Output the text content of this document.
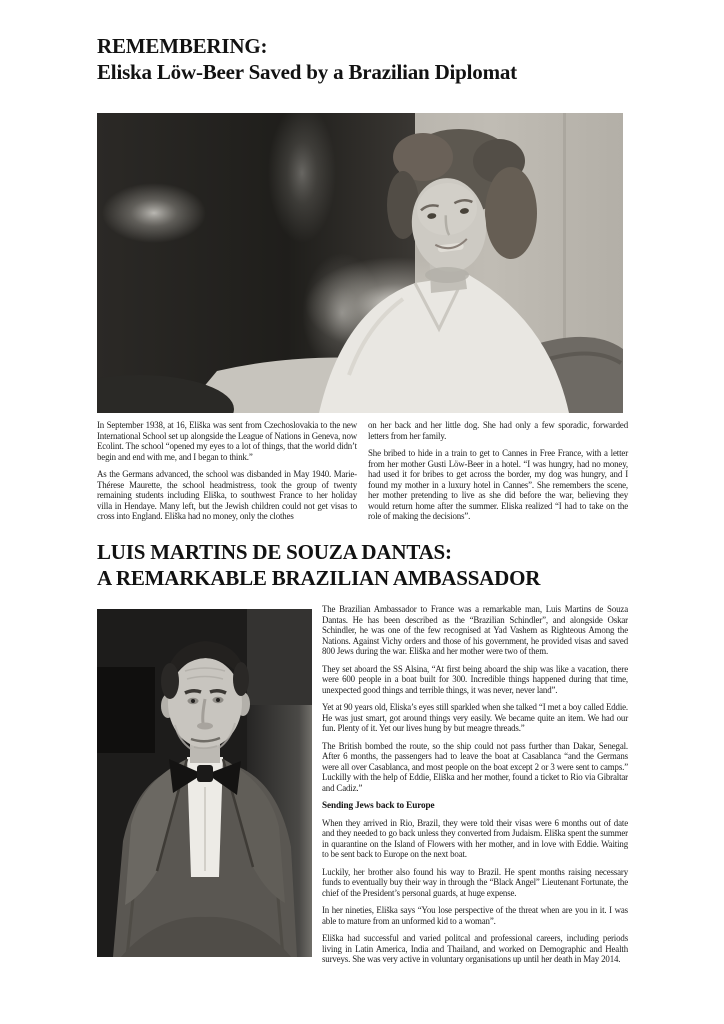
REMEMBERING:
Eliska Löw-Beer Saved by a Brazilian Diplomat

In September 1938, at 16, Eliška was sent from Czechoslovakia to the new International School set up alongside the League of Nations in Geneva, now Ecolint. The school “opened my eyes to a lot of things, that the world didn’t begin and end with me, and I began to think.”

As the Germans advanced, the school was disbanded in May 1940. Marie-Thérese Maurette, the school headmistress, took the group of twenty remaining students including Eliška, to southwest France to her holiday villa in Hendaye. Many left, but the Jewish children could not get visas to cross into England. Eliška had no money, only the clothes

on her back and her little dog. She had only a few sporadic, forwarded letters from her family.

She bribed to hide in a train to get to Cannes in Free France, with a letter from her mother Gusti Löw-Beer in a hotel. “I was hungry, had no money, had used it for bribes to get across the border, my dog was hungry, and I found my mother in a luxury hotel in Cannes”. She remembers the scene, her mother pretending to live as she did before the war, believing they would return home after the summer. Eliska realized “I had to take on the role of making the decisions”.

LUIS MARTINS DE SOUZA DANTAS:
A REMARKABLE BRAZILIAN AMBASSADOR

The Brazilian Ambassador to France was a remarkable man, Luis Martins de Souza Dantas. He has been described as the “Brazilian Schindler”, and alongside Oskar Schindler, he was one of the few recognised at Yad Vashem as Righteous Among the Nations. Against Vichy orders and those of his government, he provided visas and saved 800 Jews during the war. Eliška and her mother were two of them.

They set aboard the SS Alsina, “At first being aboard the ship was like a vacation, there were 600 people in a boat built for 300. Incredible things happened during that time, unexpected good things and terrible things, it was never, never land”.

Yet at 90 years old, Eliska’s eyes still sparkled when she talked “I met a boy called Eddie. He was just smart, got around things very easily. We became quite an item. We had our fun. Plenty of it. Yet our lives hung by but meagre threads.”

The British bombed the route, so the ship could not pass further than Dakar, Senegal. After 6 months, the passengers had to leave the boat at Casablanca “and the Germans were all over Casablanca, and most people on the boat except 2 or 3 were sent to camps.” Luckilly with the help of Eddie, Eliška and her mother, found a ticket to Rio via Gibraltar and Cadiz.”

Sending Jews back to Europe

When they arrived in Rio, Brazil, they were told their visas were 6 months out of date and they needed to go back unless they converted from Judaism. Eliška spent the summer in quarantine on the Island of Flowers with her mother, and in love with Eddie. Waiting to be sent back to Europe on the next boat.

Luckily, her brother also found his way to Brazil. He spent months raising necessary funds to eventually buy their way in through the “Black Angel” Lieutenant Fortunate, the chief of the President’s personal guards, at huge expense.

In her nineties, Eliška says “You lose perspective of the threat when are you in it. I was able to mature from an unformed kid to a woman”.

Eliška had successful and varied politcal and professional careers, including periods living in Latin America, India and Thailand, and worked on Demographic and Health surveys. She was very active in voluntary organisations up until her death in May 2014.
